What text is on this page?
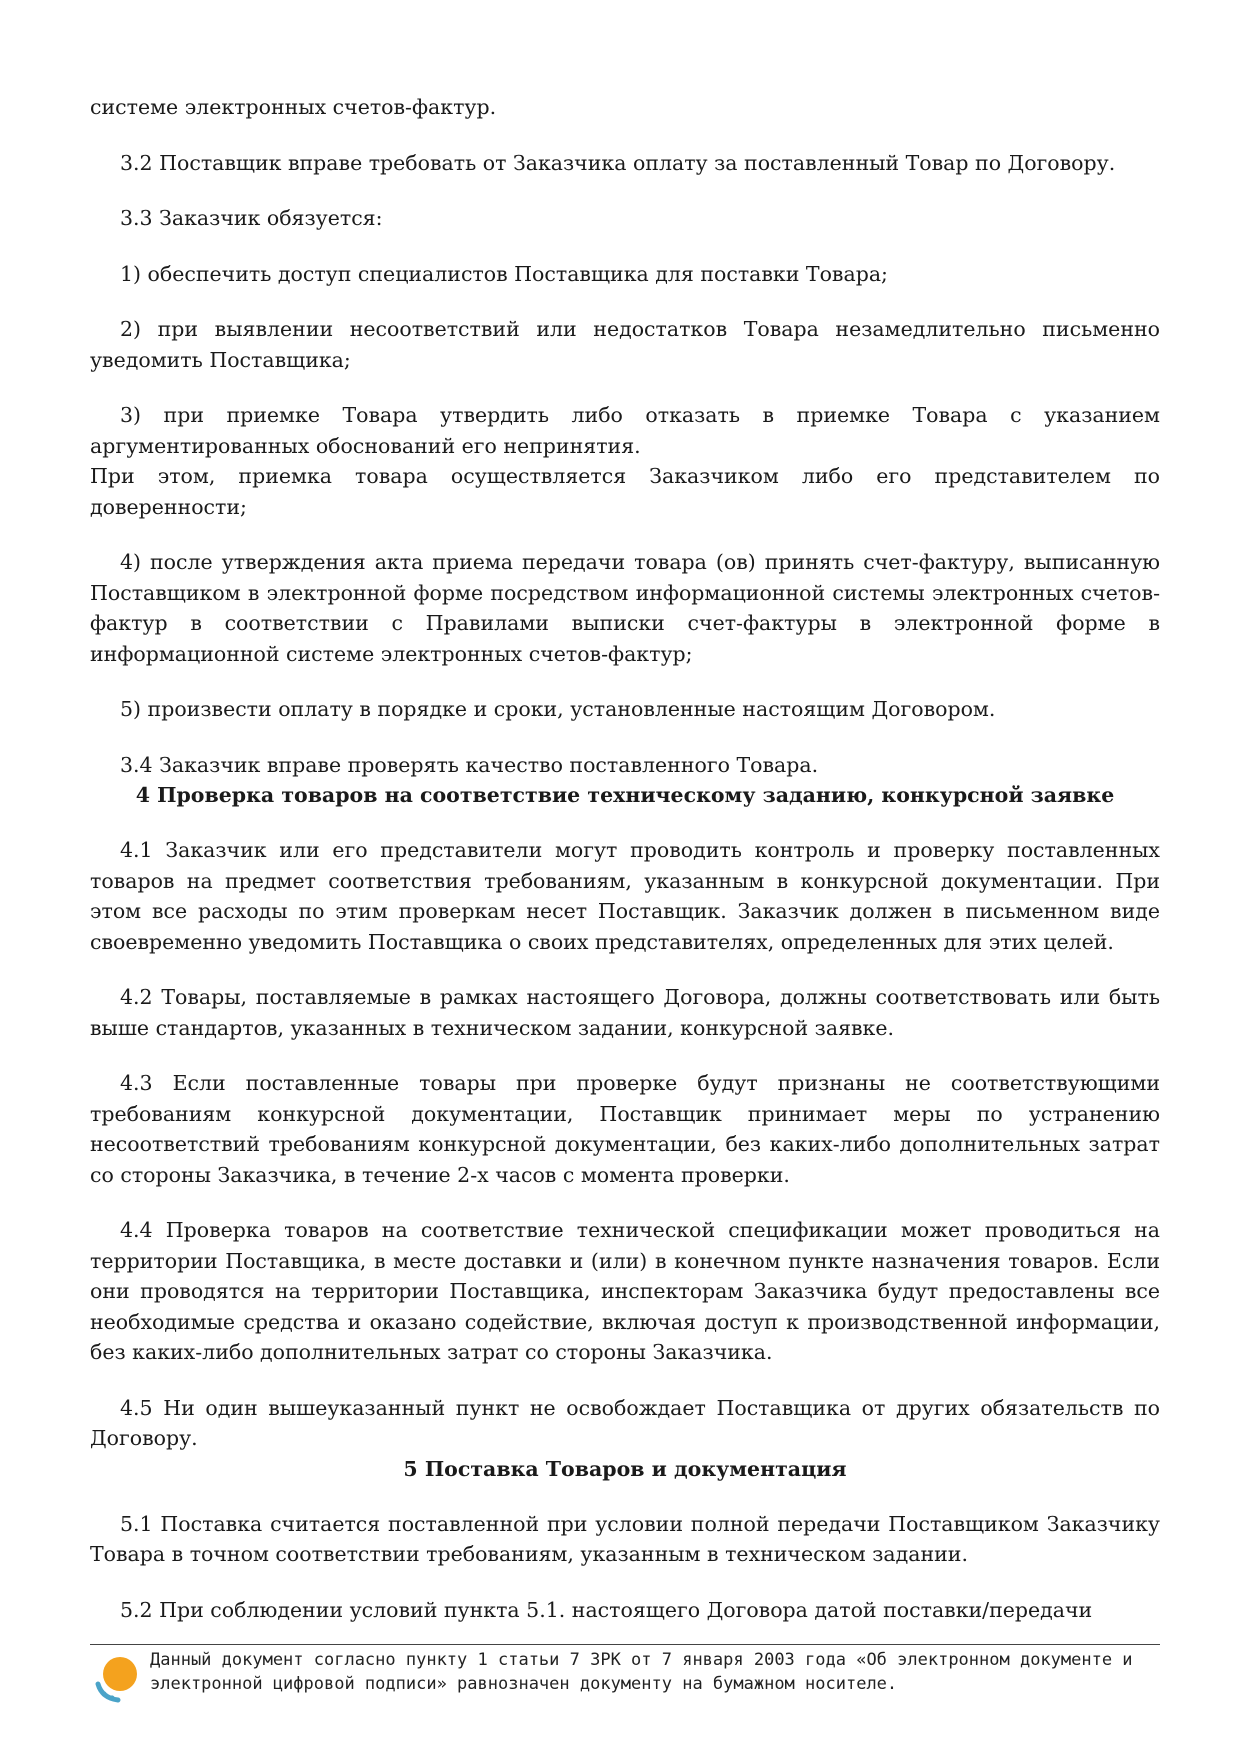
системе электронных счетов-фактур.

3.2 Поставщик вправе требовать от Заказчика оплату за поставленный Товар по Договору.

3.3 Заказчик обязуется:

1) обеспечить доступ специалистов Поставщика для поставки Товара;

2) при выявлении несоответствий или недостатков Товара незамедлительно письменно уведомить Поставщика;

3) при приемке Товара утвердить либо отказать в приемке Товара с указанием аргументированных обоснований его непринятия.

При этом, приемка товара осуществляется Заказчиком либо его представителем по доверенности;

4) после утверждения акта приема передачи товара (ов) принять счет-фактуру, выписанную Поставщиком в электронной форме посредством информационной системы электронных счетов-фактур в соответствии с Правилами выписки счет-фактуры в электронной форме в информационной системе электронных счетов-фактур;

5) произвести оплату в порядке и сроки, установленные настоящим Договором.

3.4 Заказчик вправе проверять качество поставленного Товара.

4 Проверка товаров на соответствие техническому заданию, конкурсной заявке

4.1 Заказчик или его представители могут проводить контроль и проверку поставленных товаров на предмет соответствия требованиям, указанным в конкурсной документации. При этом все расходы по этим проверкам несет Поставщик. Заказчик должен в письменном виде своевременно уведомить Поставщика о своих представителях, определенных для этих целей.

4.2 Товары, поставляемые в рамках настоящего Договора, должны соответствовать или быть выше стандартов, указанных в техническом задании, конкурсной заявке.

4.3 Если поставленные товары при проверке будут признаны не соответствующими требованиям конкурсной документации, Поставщик принимает меры по устранению несоответствий требованиям конкурсной документации, без каких-либо дополнительных затрат со стороны Заказчика, в течение 2-х часов с момента проверки.

4.4 Проверка товаров на соответствие технической спецификации может проводиться на территории Поставщика, в месте доставки и (или) в конечном пункте назначения товаров. Если они проводятся на территории Поставщика, инспекторам Заказчика будут предоставлены все необходимые средства и оказано содействие, включая доступ к производственной информации, без каких-либо дополнительных затрат со стороны Заказчика.

4.5 Ни один вышеуказанный пункт не освобождает Поставщика от других обязательств по Договору.

5 Поставка Товаров и документация

5.1 Поставка считается поставленной при условии полной передачи Поставщиком Заказчику Товара в точном соответствии требованиям, указанным в техническом задании.

5.2 При соблюдении условий пункта 5.1. настоящего Договора датой поставки/передачи

Данный документ согласно пункту 1 статьи 7 ЗРК от 7 января 2003 года «Об электронном документе и
электронной цифровой подписи» равнозначен документу на бумажном носителе.
